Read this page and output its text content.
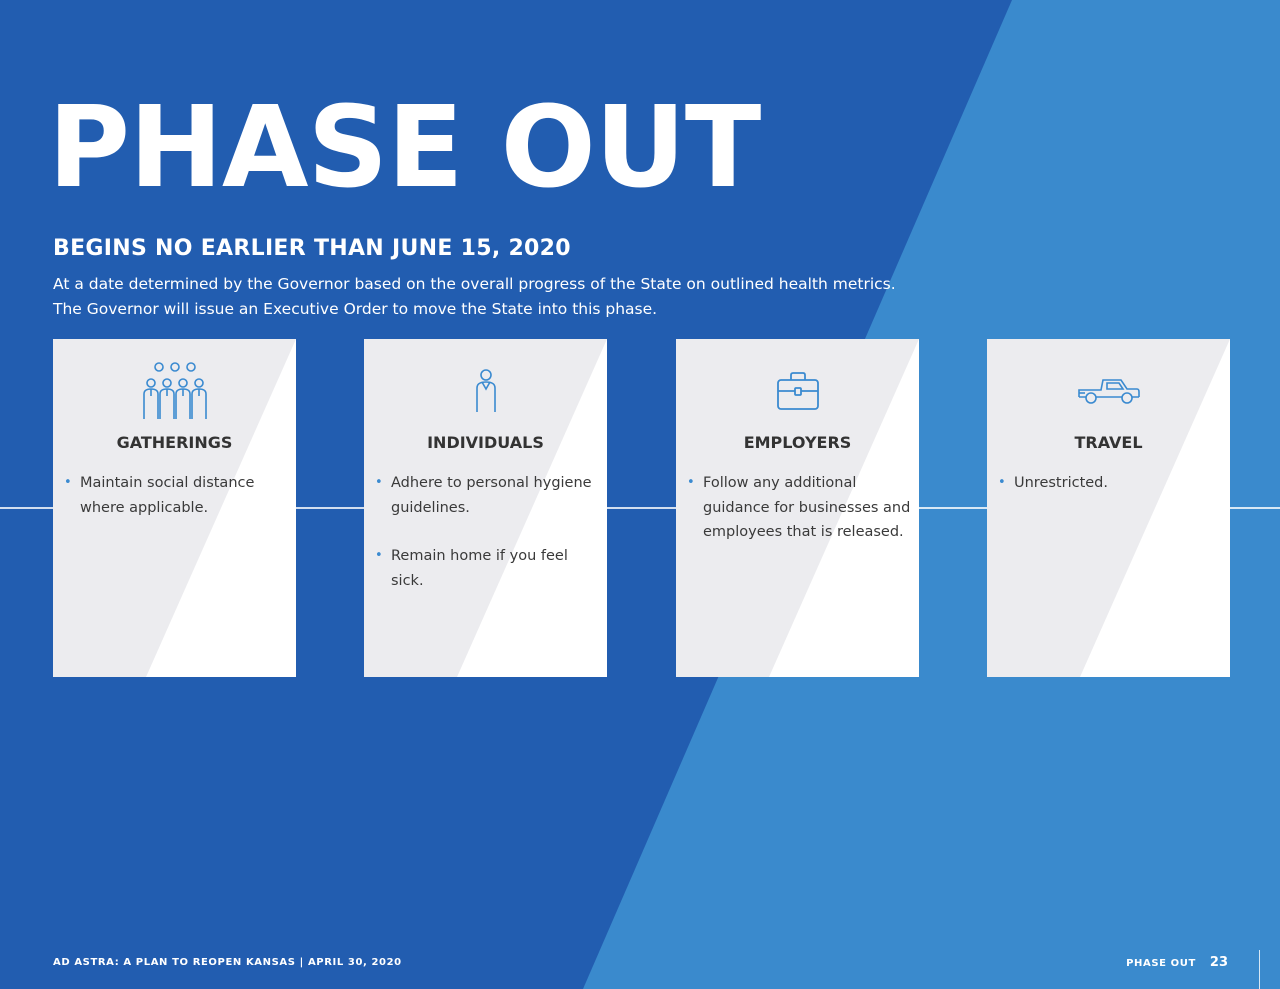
PHASE OUT
BEGINS NO EARLIER THAN JUNE 15, 2020
At a date determined by the Governor based on the overall progress of the State on outlined health metrics.
The Governor will issue an Executive Order to move the State into this phase.
GATHERINGS
• Maintain social distance where applicable.
INDIVIDUALS
• Adhere to personal hygiene guidelines.
• Remain home if you feel sick.
EMPLOYERS
• Follow any additional guidance for businesses and employees that is released.
TRAVEL
• Unrestricted.
AD ASTRA: A PLAN TO REOPEN KANSAS | APRIL 30, 2020	PHASE OUT 23
